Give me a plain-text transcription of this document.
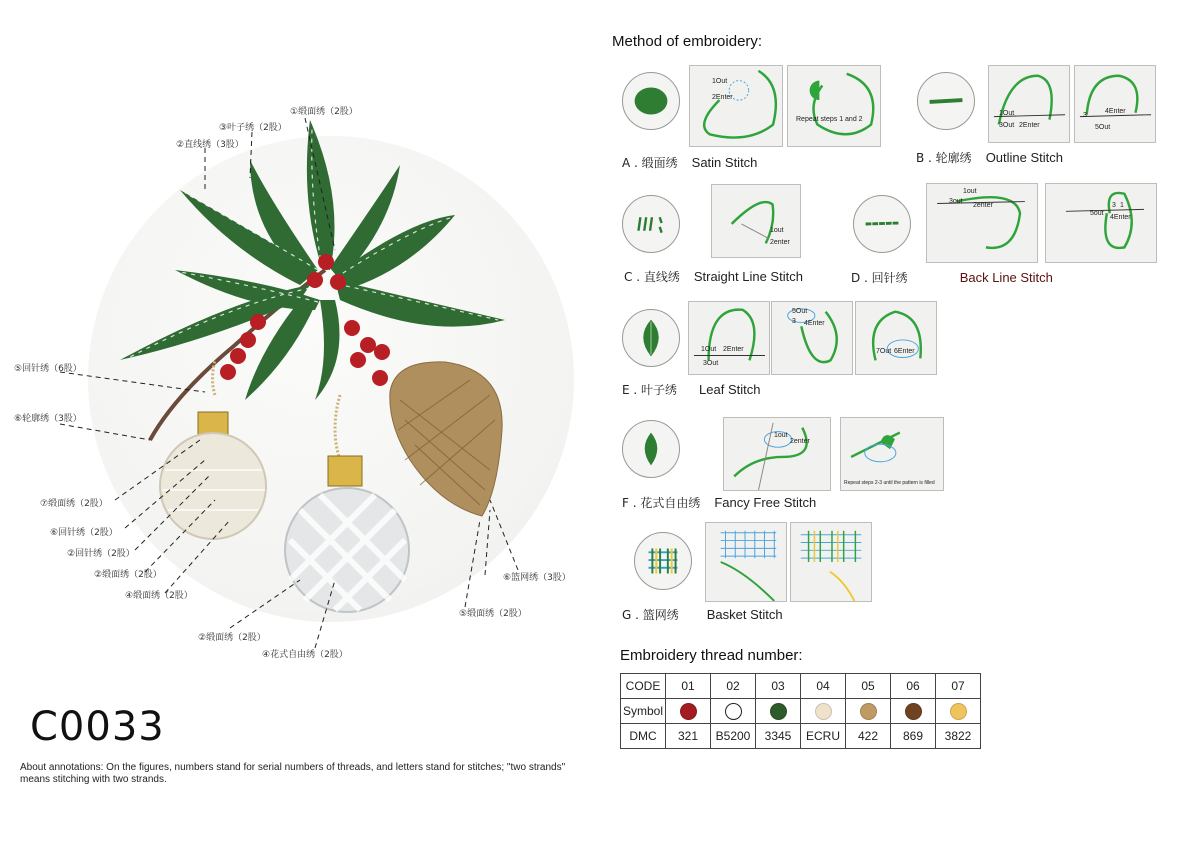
①缎面绣（2股）
③叶子绣（2股）
②直线绣（3股）
⑤回针绣（6股）
⑥轮廓绣（3股）
⑦缎面绣（2股）
⑥回针绣（2股）
②回针绣（2股）
②缎面绣（2股）
④缎面绣（2股）
②缎面绣（2股）
④花式自由绣（2股）
⑥篮网绣（3股）
⑤缎面绣（2股）
C0033
About annotations: On the figures, numbers stand for serial numbers of threads, and letters stand for stitches; "two strands" means stitching with two strands.
Method of embroidery:
1Out
2Enter
Repeat steps 1 and 2
A . 缎面绣 Satin Stitch
1Out
3Out 2Enter
4Enter
3
5Out
B . 轮廓绣 Outline Stitch
1out
2enter
C . 直线绣 Straight Line Stitch
1out
3out
2enter	3 1
5out
4Enter
D . 回针绣	Back Line Stitch
1Out 2Enter
3Out
5Out
3 4Enter
7Out 6Enter
E . 叶子绣 Leaf Stitch
1out
2enter
Repeat steps 2-3 until the pattern is filled
F . 花式自由绣 Fancy Free Stitch
G . 篮网绣 Basket Stitch
Embroidery thread number:
CODE	01	02	03	04	05	06	07
Symbol							
DMC	321	B5200	3345	ECRU	422	869	3822
